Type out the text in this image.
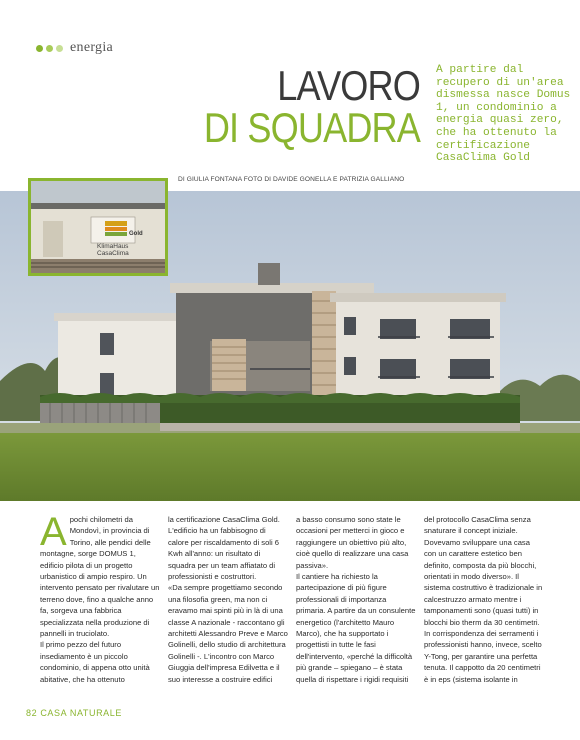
energia
LAVORO
DI SQUADRA
A partire dal recupero di un'area dismessa nasce Domus 1, un condominio a energia quasi zero, che ha ottenuto la certificazione CasaClima Gold
Gold
KlimaHaus
CasaClima
DI GIULIA FONTANA FOTO DI DAVIDE GONELLA E PATRIZIA GALLIANO
A pochi chilometri da Mondovì, in provincia di Torino, alle pendici delle montagne, sorge DOMUS 1, edificio pilota di un progetto urbanistico di ampio respiro. Un intervento pensato per rivalutare un terreno dove, fino a qualche anno fa, sorgeva una fabbrica specializzata nella produzione di pannelli in truciolato.

Il primo pezzo del futuro insediamento è un piccolo condominio, di appena otto unità abitative, che ha ottenuto

la certificazione CasaClima Gold. L'edificio ha un fabbisogno di calore per riscaldamento di soli 6 Kwh all'anno: un risultato di squadra per un team affiatato di professionisti e costruttori.

«Da sempre progettiamo secondo una filosofia green, ma non ci eravamo mai spinti più in là di una classe A nazionale - raccontano gli architetti Alessandro Preve e Marco Golinelli, dello studio di architettura Golinelli -. L'incontro con Marco Giuggia dell'impresa Edilvetta e il suo interesse a costruire edifici

a basso consumo sono state le occasioni per metterci in gioco e raggiungere un obiettivo più alto, cioè quello di realizzare una casa passiva».

Il cantiere ha richiesto la partecipazione di più figure professionali di importanza primaria. A partire da un consulente energetico (l'architetto Mauro Marco), che ha supportato i progettisti in tutte le fasi dell'intervento, «perché la difficoltà più grande – spiegano – è stata quella di rispettare i rigidi requisiti

del protocollo CasaClima senza snaturare il concept iniziale. Dovevamo sviluppare una casa con un carattere estetico ben definito, composta da più blocchi, orientati in modo diverso». Il sistema costruttivo è tradizionale in calcestruzzo armato mentre i tamponamenti sono (quasi tutti) in blocchi bio therm da 30 centimetri. In corrispondenza dei serramenti i professionisti hanno, invece, scelto Y-Tong, per garantire una perfetta tenuta. Il cappotto da 20 centimetri è in eps (sistema isolante in

82 CASA NATURALE
